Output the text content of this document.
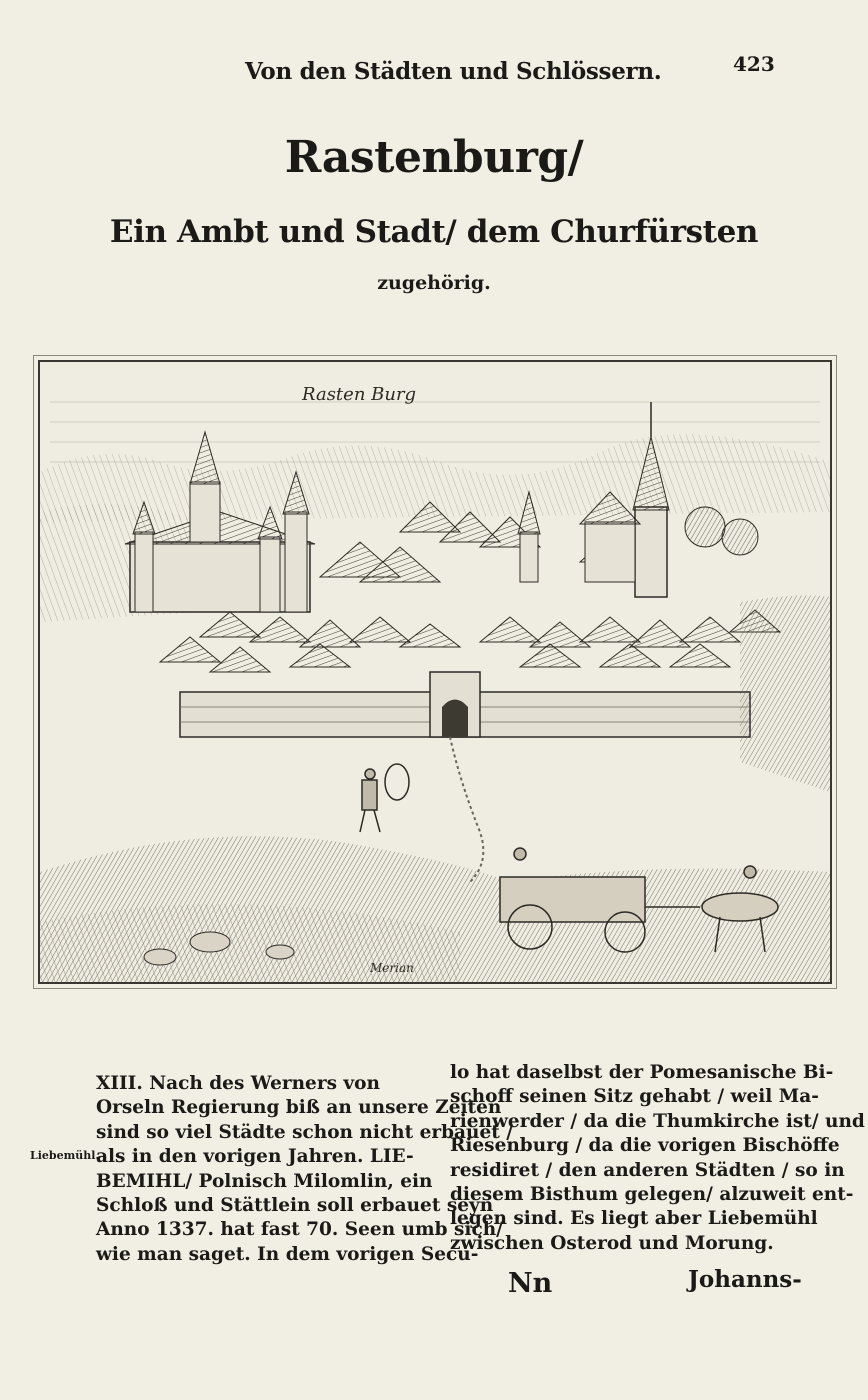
Von den Städten und Schlössern.	423
Rastenburg/
Ein Ambt und Stadt/ dem Churfürsten
zugehörig.
Rasten Burg
Merian
Liebemühl.
XIII. Nach des Werners von
Orseln Regierung biß an unsere Zeiten
sind so viel Städte schon nicht erbauet /
als in den vorigen Jahren. LIE-
BEMIHL/ Polnisch Milomlin, ein
Schloß und Stättlein soll erbauet seyn
Anno 1337. hat fast 70. Seen umb sich/
wie man saget. In dem vorigen Secu-
lo hat daselbst der Pomesanische Bi-
schoff seinen Sitz gehabt / weil Ma-
rienwerder / da die Thumkirche ist/ und
Riesenburg / da die vorigen Bischöffe
residiret / den anderen Städten / so in
diesem Bisthum gelegen/ alzuweit ent-
legen sind. Es liegt aber Liebemühl
zwischen Osterod und Morung.
Nn	Johanns-
